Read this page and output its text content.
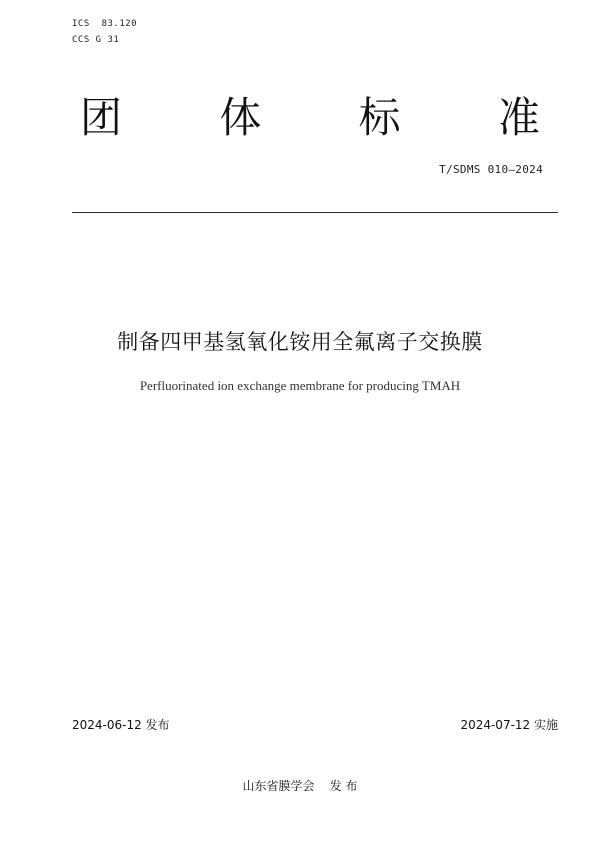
ICS  83.120
CCS G 31
团 体 标 准
T/SDMS 010—2024
制备四甲基氢氧化铵用全氟离子交换膜
Perfluorinated ion exchange membrane for producing TMAH
2024-06-12 发布	2024-07-12 实施
山东省膜学会    发 布
